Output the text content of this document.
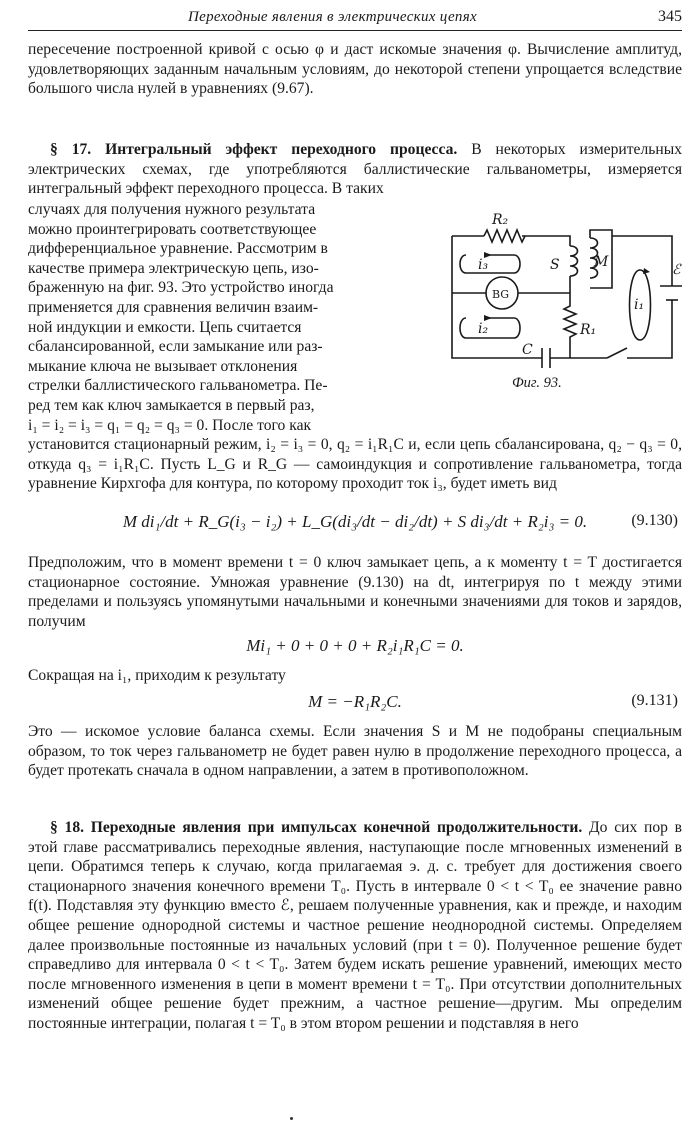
Переходные явления в электрических цепях	345
пересечение построенной кривой с осью φ и даст искомые значения φ. Вычисление амплитуд, удовлетворяющих заданным начальным условиям, до некоторой степени упрощается вследствие большого числа нулей в уравнениях (9.67).
§ 17. Интегральный эффект переходного процесса. В некоторых измерительных электрических схемах, где употребляются баллистические гальванометры, измеряется интегральный эффект переходного процесса. В таких
случаях для получения нужного результата
можно проинтегрировать соответствующее
дифференциальное уравнение. Рассмотрим в
качестве примера электрическую цепь, изо-
браженную на фиг. 93. Это устройство иногда
применяется для сравнения величин взаим-
ной индукции и емкости. Цепь считается
сбалансированной, если замыкание или раз-
мыкание ключа не вызывает отклонения
стрелки баллистического гальванометра. Пе-
ред тем как ключ замыкается в первый раз,
i₁ = i₂ = i₃ = q₁ = q₂ = q₃ = 0. После того как
R₂
i₃	S M
BG
i₁
ℰ
i₂	R₁
C
Фиг. 93.
установится стационарный режим, i₂ = i₃ = 0, q₂ = i₁R₁C и, если цепь сбалансирована, q₂ − q₃ = 0, откуда q₃ = i₁R₁C. Пусть L_G и R_G — самоиндукция и сопротивление гальванометра, тогда уравнение Кирхгофа для контура, по которому проходит ток i₃, будет иметь вид
M di₁/dt + R_G(i₃ − i₂) + L_G(di₃/dt − di₂/dt) + S di₃/dt + R₂i₃ = 0.	(9.130)
Предположим, что в момент времени t = 0 ключ замыкает цепь, а к моменту t = T достигается стационарное состояние. Умножая уравнение (9.130) на dt, интегрируя по t между этими пределами и пользуясь упомянутыми начальными и конечными значениями для токов и зарядов, получим
Mi₁ + 0 + 0 + 0 + R₂i₁R₁C = 0.
Сокращая на i₁, приходим к результату
M = −R₁R₂C.	(9.131)
Это — искомое условие баланса схемы. Если значения S и M не подобраны специальным образом, то ток через гальванометр не будет равен нулю в продолжение переходного процесса, а будет протекать сначала в одном направлении, а затем в противоположном.
§ 18. Переходные явления при импульсах конечной продолжительности. До сих пор в этой главе рассматривались переходные явления, наступающие после мгновенных изменений в цепи. Обратимся теперь к случаю, когда прилагаемая э. д. с. требует для достижения своего стационарного значения конечного времени T₀. Пусть в интервале 0 < t < T₀ ее значение равно f(t). Подставляя эту функцию вместо ℰ, решаем полученные уравнения, как и прежде, и находим общее решение однородной системы и частное решение неоднородной системы. Определяем далее произвольные постоянные из начальных условий (при t = 0). Полученное решение будет справедливо для интервала 0 < t < T₀. Затем будем искать решение уравнений, имеющих место после мгновенного изменения в цепи в момент времени t = T₀. При отсутствии дополнительных изменений общее решение будет прежним, а частное решение—другим. Мы определим постоянные интеграции, полагая t = T₀ в этом втором решении и подставляя в него
